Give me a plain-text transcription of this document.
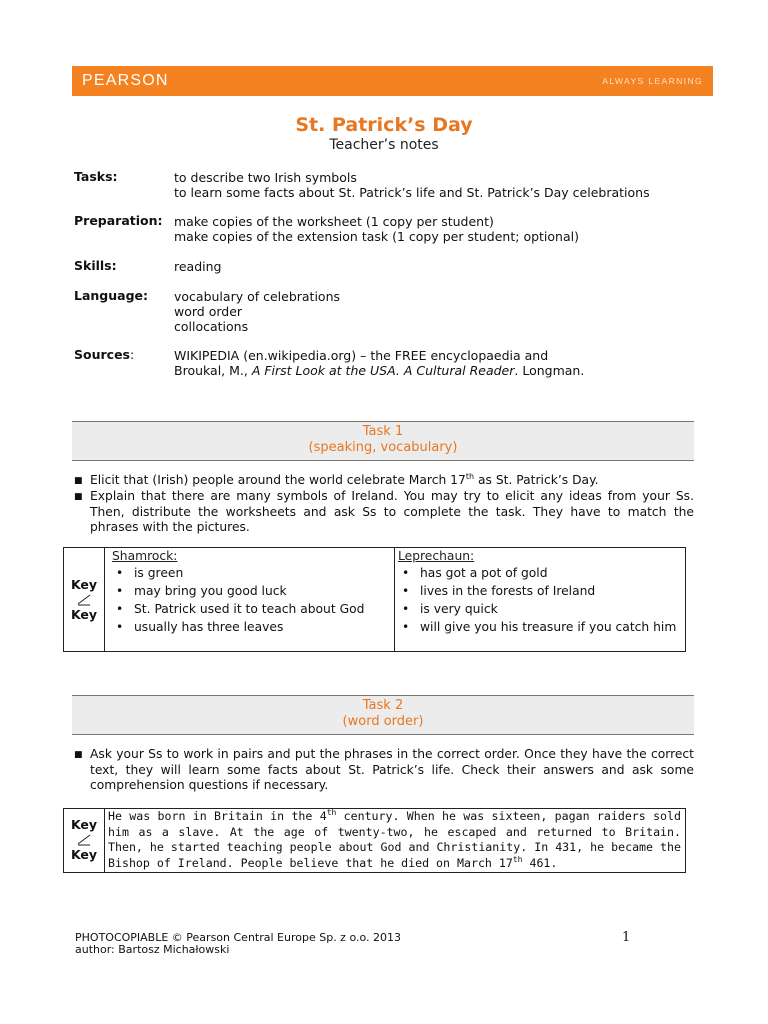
PEARSON	ALWAYS LEARNING
St. Patrick’s Day
Teacher’s notes
Tasks:	to describe two Irish symbols
to learn some facts about St. Patrick’s life and St. Patrick’s Day celebrations
Preparation: make copies of the worksheet (1 copy per student)
make copies of the extension task (1 copy per student; optional)
Skills:	reading
Language: vocabulary of celebrations
word order
collocations
Sources:	WIKIPEDIA (en.wikipedia.org) – the FREE encyclopaedia and
Broukal, M., A First Look at the USA. A Cultural Reader. Longman.
Task 1
(speaking, vocabulary)
■ Elicit that (Irish) people around the world celebrate March 17th as St. Patrick’s Day.
■ Explain that there are many symbols of Ireland. You may try to elicit any ideas from your Ss. Then, distribute the worksheets and ask Ss to complete the task. They have to match the phrases with the pictures.
Key
Key
Shamrock:
• is green
• may bring you good luck
• St. Patrick used it to teach about God
• usually has three leaves
Leprechaun:
• has got a pot of gold
• lives in the forests of Ireland
• is very quick
• will give you his treasure if you catch him
Task 2
(word order)
■ Ask your Ss to work in pairs and put the phrases in the correct order. Once they have the correct text, they will learn some facts about St. Patrick’s life. Check their answers and ask some comprehension questions if necessary.
Key
Key
He was born in Britain in the 4th century. When he was sixteen, pagan raiders sold him as a slave. At the age of twenty-two, he escaped and returned to Britain. Then, he started teaching people about God and Christianity. In 431, he became the Bishop of Ireland. People believe that he died on March 17th 461.
PHOTOCOPIABLE © Pearson Central Europe Sp. z o.o. 2013
author: Bartosz Michałowski
1
